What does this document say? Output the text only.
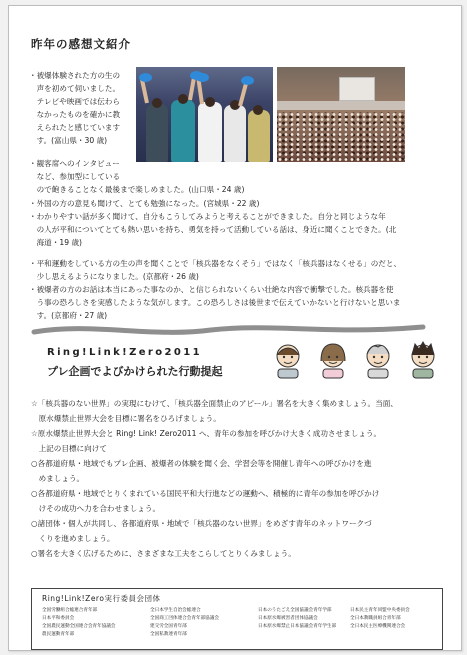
昨年の感想文紹介
・被爆体験された方の生の
　声を初めて伺いました。
　テレビや映画では伝わら
　なかったものを確かに教
　えられたと感じています
　す。(富山県・30 歳)
・観客席へのインタビュー
　など、参加型にしている
　ので飽きることなく最後まで楽しめました。(山口県・24 歳)
・外国の方の意見も聞けて、とても勉強になった。(宮城県・22 歳)
・わかりやすい話が多く聞けて、自分もこうしてみようと考えることができました。自分と同じような年
　の人が平和についてとても熱い思いを持ち、勇気を持って活動している話は、身近に聞くことできた。(北
　海道・19 歳)
・平和運動をしている方の生の声を聞くことで「核兵器をなくそう」ではなく「核兵器はなくせる」のだと、
　少し思えるようになりました。(京都府・26 歳)
・被爆者の方のお話は本当にあった事なのか、と信じられないくらい壮絶な内容で衝撃でした。核兵器を使
　う事の恐ろしさを実感したような気がします。この恐ろしさは後世まで伝えていかないと行けないと思いま
　す。(京都府・27 歳)
Ring!Link!Zero2011
プレ企画でよびかけられた行動提起
☆「核兵器のない世界」の実現にむけて、「核兵器全面禁止のアピール」署名を大きく集めましょう。当面、
　原水爆禁止世界大会を目標に署名をひろげましょう。
☆原水爆禁止世界大会と Ring! Link! Zero2011 へ、青年の参加を呼びかけ大きく成功させましょう。
　上記の目標に向けて
○各都道府県・地域でもプレ企画、被爆者の体験を聞く会、学習会等を開催し青年への呼びかけを進
　めましょう。
○各都道府県・地域でとりくまれている国民平和大行進などの運動へ、積極的に青年の参加を呼びかけ
　けその成功へ力を合わせましょう。
○諸団体・個人が共同し、各都道府県・地域で「核兵器のない世界」をめざす青年のネットワークづ
　くりを進めましょう。
○署名を大きく広げるために、さまざまな工夫をこらしてとりくみましょう。
Ring!Link!Zero実行委員会団体
全国労働組合総連合青年部	全日本学生自治会総連合	日本のうたごえ全国協議会青年学部	日本民主青年同盟中央委員会
日本平和委員会	全国商工団体連合会青年部協議会	日本原水爆被害者団体協議会	全日本教職員組合青年部
全国農民運動全国連合会青年協議会	建交労全国青年部	日本原水爆禁止日本協議会青年学生部	全日本民主医療機関連合会
農民運動青年部	全国私教連青年部
